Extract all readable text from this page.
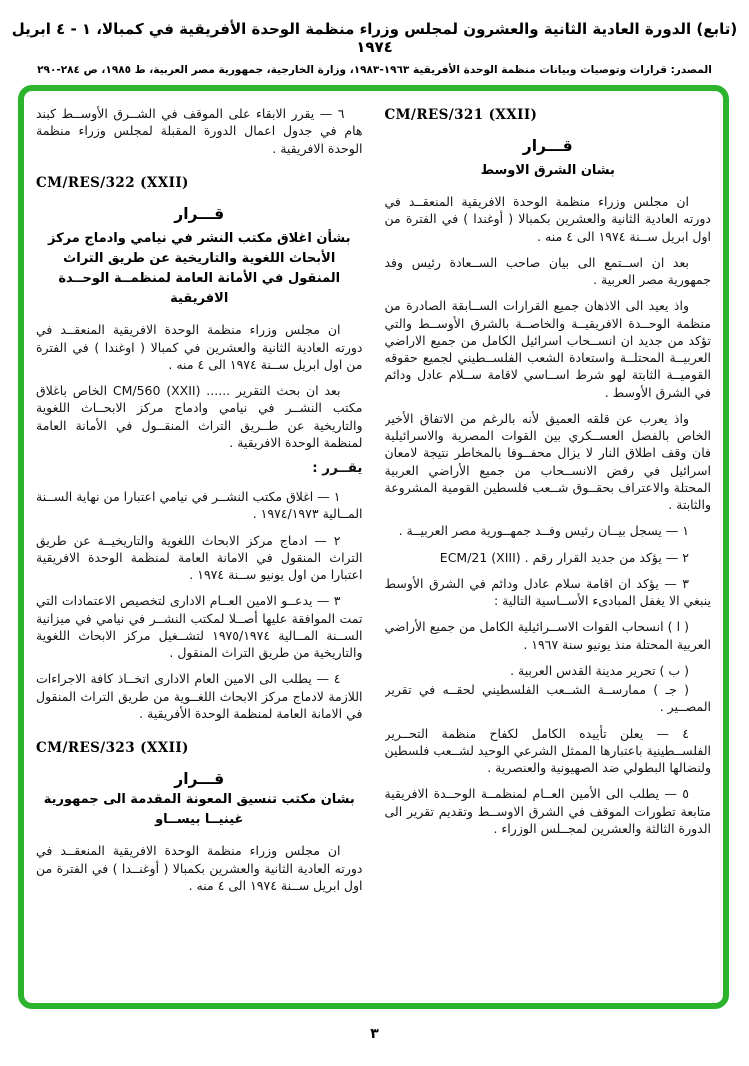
(تابع) الدورة العادية الثانية والعشرون لمجلس وزراء منظمة الوحدة الأفريقية في كمبالا، ١ - ٤ ابريل ١٩٧٤
المصدر: قرارات وتوصيات وبيانات منظمة الوحدة الأفريقية ١٩٦٣-١٩٨٣، وزارة الخارجية، جمهورية مصر العربية، ط ١٩٨٥، ص ٢٨٤-٢٩٠
CM/RES/321 (XXII)
قـــرار
بشان الشرق الاوسط

ان مجلس وزراء منظمة الوحدة الافريقية المنعقــد في دورته العادية الثانية والعشرين بكمبالا ( أوغندا ) في الفترة من اول ابريل ســنة ١٩٧٤ الى ٤ منه .

بعد ان اســتمع الى بيان صاحب الســعادة رئيس وفد جمهورية مصر العربية .

واذ يعيد الى الاذهان جميع القرارات الســابقة الصادرة من منظمة الوحــدة الافريقيــة والخاصــة بالشرق الأوســط والتي تؤكد من جديد ان انســحاب اسرائيل الكامل من جميع الاراضي العربيــة المحتلــة واستعادة الشعب الفلســطيني لجميع حقوقه القوميــة الثابتة لهو شرط اســاسي لاقامة ســلام عادل ودائم في الشرق الأوسط .

واذ يعرب عن قلقه العميق لأنه بالرغم من الاتفاق الأخير الخاص بالفصل العســكري بين القوات المصرية والاسرائيلية فان وقف اطلاق النار لا يزال محفــوفا بالمخاطر نتيجة لامعان اسرائيل في رفض الانســحاب من جميع الأراضي العربية المحتلة والاعتراف بحقــوق شــعب فلسطين القومية المشروعة والثابتة .

١ — يسجل بيــان رئيس وفــد جمهــورية مصر العربيــة .

٢ — يؤكد من جديد القرار رقم . ECM/21 (XIII)

٣ — يؤكد ان اقامة سلام عادل ودائم في الشرق الأوسط ينبغي الا يغفل المبادىء الأســاسية التالية :

( ا ) انسحاب القوات الاســرائيلية الكامل من جميع الأراضي العربية المحتلة منذ يونيو سنة ١٩٦٧ .

( ب ) تحرير مدينة القدس العربية .

( جـ ) ممارســة الشــعب الفلسطيني لحقــه في تقرير المصــير .

٤ — يعلن تأييده الكامل لكفاح منظمة التحــرير الفلســطينية باعتبارها الممثل الشرعي الوحيد لشــعب فلسطين ولنضالها البطولي ضد الصهيونية والعنصرية .

٥ — يطلب الى الأمين العــام لمنظمــة الوحــدة الافريقية متابعة تطورات الموقف في الشرق الاوســط وتقديم تقرير الى الدورة الثالثة والعشرين لمجــلس الوزراء .

٦ — يقرر الابقاء على الموقف في الشــرق الأوســط كبند هام في جدول اعمال الدورة المقبلة لمجلس وزراء منظمة الوحدة الافريقية .

CM/RES/322 (XXII)
قـــرار
بشأن اغلاق مكتب النشر في نيامي وادماج مركز الأبحاث اللغوية والتاريخية عن طريق التراث المنقول في الأمانة العامة لمنظمــة الوحــدة الافريقية

ان مجلس وزراء منظمة الوحدة الافريقية المنعقــد في دورته العادية الثانية والعشرين في كمبالا ( اوغندا ) في الفترة من اول ابريل ســنة ١٩٧٤ الى ٤ منه .

بعد ان بحث التقرير ...... CM/560 (XXII) الخاص باغلاق مكتب النشــر في نيامي وادماج مركز الابحــاث اللغوية والتاريخية عن طــريق التراث المنقــول في الأمانة العامة لمنظمة الوحدة الافريقية .

يقــرر :

١ — اغلاق مكتب النشــر في نيامي اعتبارا من نهاية الســنة المــالية ١٩٧٤/١٩٧٣ .

٢ — ادماج مركز الابحاث اللغوية والتاريخيــة عن طريق التراث المنقول في الامانة العامة لمنظمة الوحدة الافريقية اعتبارا من اول يونيو ســنة ١٩٧٤ .

٣ — يدعــو الامين العــام الادارى لتخصيص الاعتمادات التي تمت الموافقة عليها أصــلا لمكتب النشــر في نيامي في ميزانية الســنة المــالية ١٩٧٥/١٩٧٤ لتشــغيل مركز الابحاث اللغوية والتاريخية من طريق التراث المنقول .

٤ — يطلب الى الامين العام الادارى اتخــاذ كافة الاجراءات اللازمة لادماج مركز الابحاث اللغــوية من طريق التراث المنقول في الامانة العامة لمنظمة الوحدة الأفريقية .

CM/RES/323 (XXII)
قـــرار
بشان مكتب تنسيق المعونة المقدمة الى جمهورية غينيــا بيســاو

ان مجلس وزراء منظمة الوحدة الافريقية المنعقــد في دورته العادية الثانية والعشرين بكمبالا ( أوغنــدا ) في الفترة من اول ابريل ســنة ١٩٧٤ الى ٤ منه .

٣
